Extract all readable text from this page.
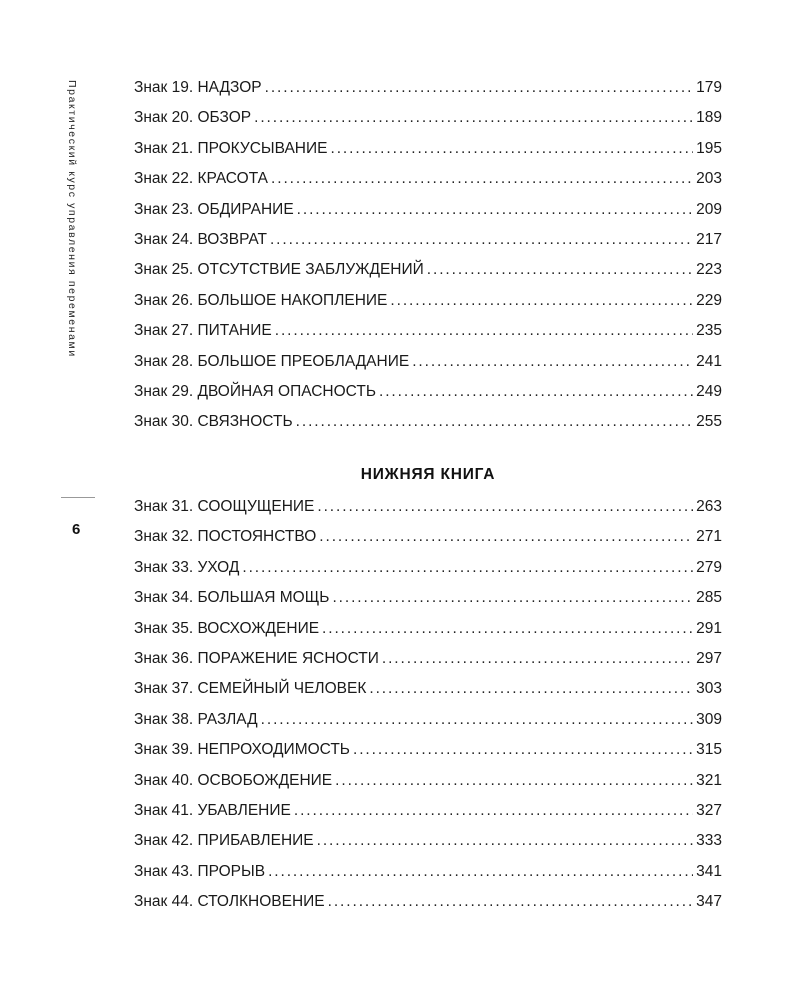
Практический курс управления переменами
6
Знак 19. НАДЗОР . . .	179
Знак 20. ОБЗОР . . .	189
Знак 21. ПРОКУСЫВАНИЕ . . .	195
Знак 22. КРАСОТА . . .	203
Знак 23. ОБДИРАНИЕ . . .	209
Знак 24. ВОЗВРАТ . . .	217
Знак 25. ОТСУТСТВИЕ ЗАБЛУЖДЕНИЙ . . .	223
Знак 26. БОЛЬШОЕ НАКОПЛЕНИЕ . . .	229
Знак 27. ПИТАНИЕ . . .	235
Знак 28. БОЛЬШОЕ ПРЕОБЛАДАНИЕ . . .	241
Знак 29. ДВОЙНАЯ ОПАСНОСТЬ . . .	249
Знак 30. СВЯЗНОСТЬ . . .	255
НИЖНЯЯ КНИГА
Знак 31. СООЩУЩЕНИЕ . . .	263
Знак 32. ПОСТОЯНСТВО . . .	271
Знак 33. УХОД . . .	279
Знак 34. БОЛЬШАЯ МОЩЬ . . .	285
Знак 35. ВОСХОЖДЕНИЕ . . .	291
Знак 36. ПОРАЖЕНИЕ ЯСНОСТИ . . .	297
Знак 37. СЕМЕЙНЫЙ ЧЕЛОВЕК . . .	303
Знак 38. РАЗЛАД . . .	309
Знак 39. НЕПРОХОДИМОСТЬ . . .	315
Знак 40. ОСВОБОЖДЕНИЕ . . .	321
Знак 41. УБАВЛЕНИЕ . . .	327
Знак 42. ПРИБАВЛЕНИЕ . . .	333
Знак 43. ПРОРЫВ . . .	341
Знак 44. СТОЛКНОВЕНИЕ . . .	347
